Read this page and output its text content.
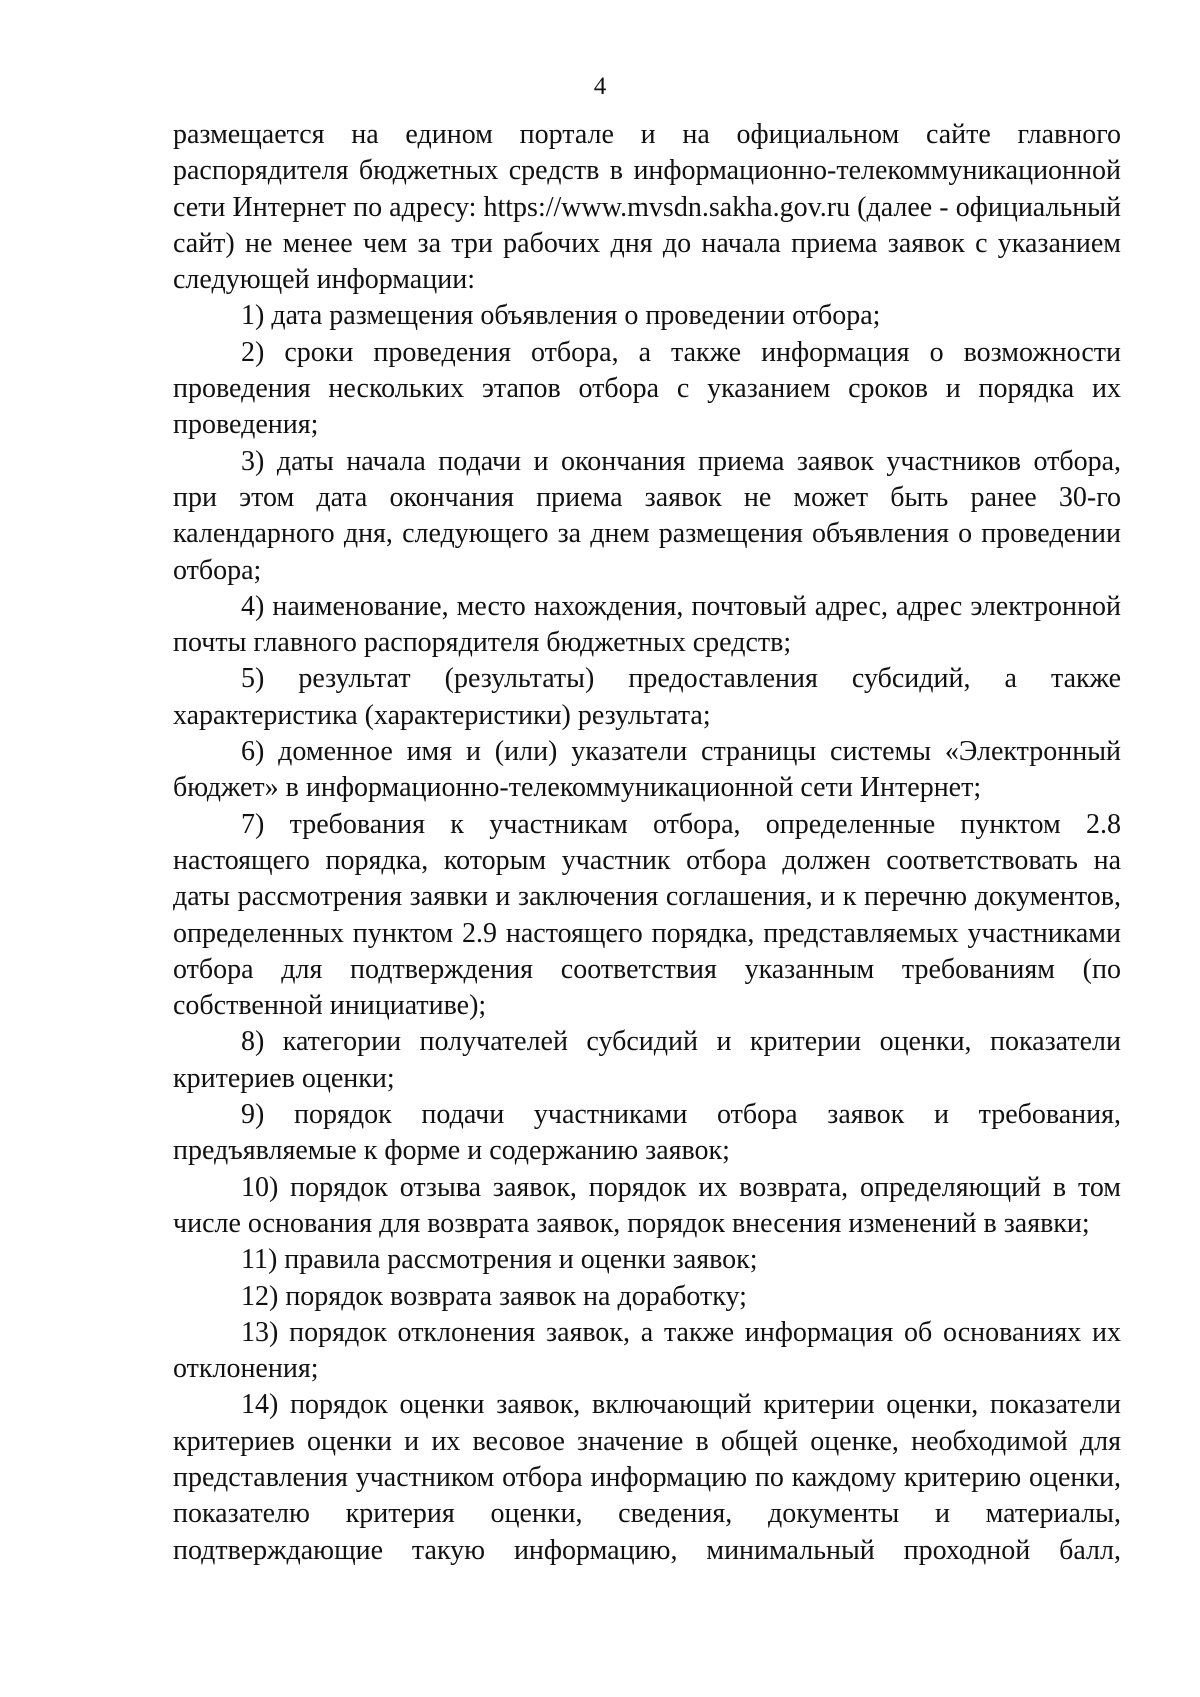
4

размещается на едином портале и на официальном сайте главного распорядителя бюджетных средств в информационно-телекоммуникационной сети Интернет по адресу: https://www.mvsdn.sakha.gov.ru (далее - официальный сайт) не менее чем за три рабочих дня до начала приема заявок с указанием следующей информации:

1) дата размещения объявления о проведении отбора;

2) сроки проведения отбора, а также информация о возможности проведения нескольких этапов отбора с указанием сроков и порядка их проведения;

3) даты начала подачи и окончания приема заявок участников отбора, при этом дата окончания приема заявок не может быть ранее 30-го календарного дня, следующего за днем размещения объявления о проведении отбора;

4) наименование, место нахождения, почтовый адрес, адрес электронной почты главного распорядителя бюджетных средств;

5) результат (результаты) предоставления субсидий, а также характеристика (характеристики) результата;

6) доменное имя и (или) указатели страницы системы «Электронный бюджет» в информационно-телекоммуникационной сети Интернет;

7) требования к участникам отбора, определенные пунктом 2.8 настоящего порядка, которым участник отбора должен соответствовать на даты рассмотрения заявки и заключения соглашения, и к перечню документов, определенных пунктом 2.9 настоящего порядка, представляемых участниками отбора для подтверждения соответствия указанным требованиям (по собственной инициативе);

8) категории получателей субсидий и критерии оценки, показатели критериев оценки;

9) порядок подачи участниками отбора заявок и требования, предъявляемые к форме и содержанию заявок;

10) порядок отзыва заявок, порядок их возврата, определяющий в том числе основания для возврата заявок, порядок внесения изменений в заявки;

11) правила рассмотрения и оценки заявок;

12) порядок возврата заявок на доработку;

13) порядок отклонения заявок, а также информация об основаниях их отклонения;

14) порядок оценки заявок, включающий критерии оценки, показатели критериев оценки и их весовое значение в общей оценке, необходимой для представления участником отбора информацию по каждому критерию оценки, показателю критерия оценки, сведения, документы и материалы, подтверждающие такую информацию, минимальный проходной балл,
